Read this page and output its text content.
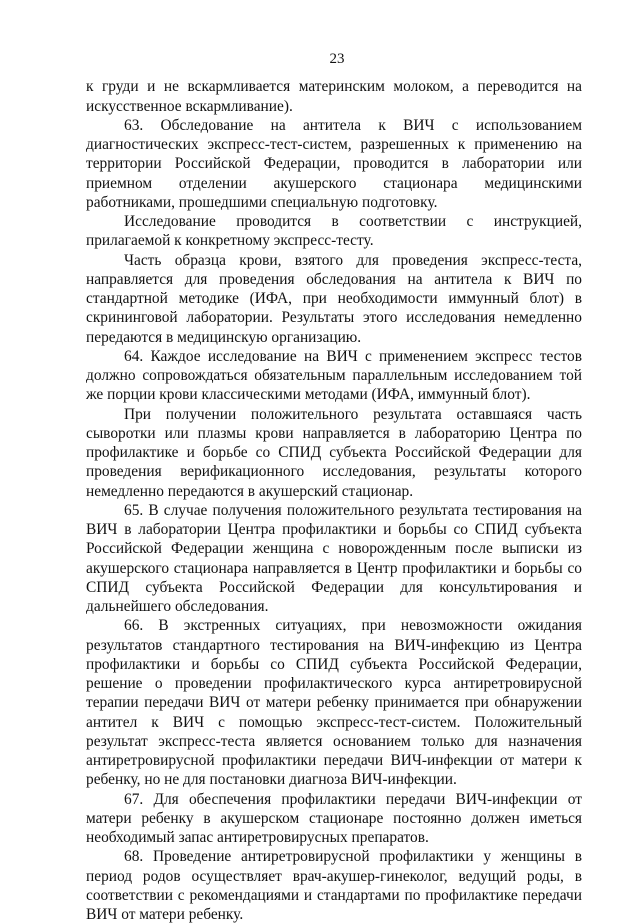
23

к груди и не вскармливается материнским молоком, а переводится на искусственное вскармливание).

63. Обследование на антитела к ВИЧ с использованием диагностических экспресс-тест-систем, разрешенных к применению на территории Российской Федерации, проводится в лаборатории или приемном отделении акушерского стационара медицинскими работниками, прошедшими специальную подготовку.

Исследование проводится в соответствии с инструкцией, прилагаемой к конкретному экспресс-тесту.

Часть образца крови, взятого для проведения экспресс-теста, направляется для проведения обследования на антитела к ВИЧ по стандартной методике (ИФА, при необходимости иммунный блот) в скрининговой лаборатории. Результаты этого исследования немедленно передаются в медицинскую организацию.

64. Каждое исследование на ВИЧ с применением экспресс тестов должно сопровождаться обязательным параллельным исследованием той же порции крови классическими методами (ИФА, иммунный блот).

При получении положительного результата оставшаяся часть сыворотки или плазмы крови направляется в лабораторию Центра по профилактике и борьбе со СПИД субъекта Российской Федерации для проведения верификационного исследования, результаты которого немедленно передаются в акушерский стационар.

65. В случае получения положительного результата тестирования на ВИЧ в лаборатории Центра профилактики и борьбы со СПИД субъекта Российской Федерации женщина с новорожденным после выписки из акушерского стационара направляется в Центр профилактики и борьбы со СПИД субъекта Российской Федерации для консультирования и дальнейшего обследования.

66. В экстренных ситуациях, при невозможности ожидания результатов стандартного тестирования на ВИЧ-инфекцию из Центра профилактики и борьбы со СПИД субъекта Российской Федерации, решение о проведении профилактического курса антиретровирусной терапии передачи ВИЧ от матери ребенку принимается при обнаружении антител к ВИЧ с помощью экспресс-тест-систем. Положительный результат экспресс-теста является основанием только для назначения антиретровирусной профилактики передачи ВИЧ-инфекции от матери к ребенку, но не для постановки диагноза ВИЧ-инфекции.

67. Для обеспечения профилактики передачи ВИЧ-инфекции от матери ребенку в акушерском стационаре постоянно должен иметься необходимый запас антиретровирусных препаратов.

68. Проведение антиретровирусной профилактики у женщины в период родов осуществляет врач-акушер-гинеколог, ведущий роды, в соответствии с рекомендациями и стандартами по профилактике передачи ВИЧ от матери ребенку.
